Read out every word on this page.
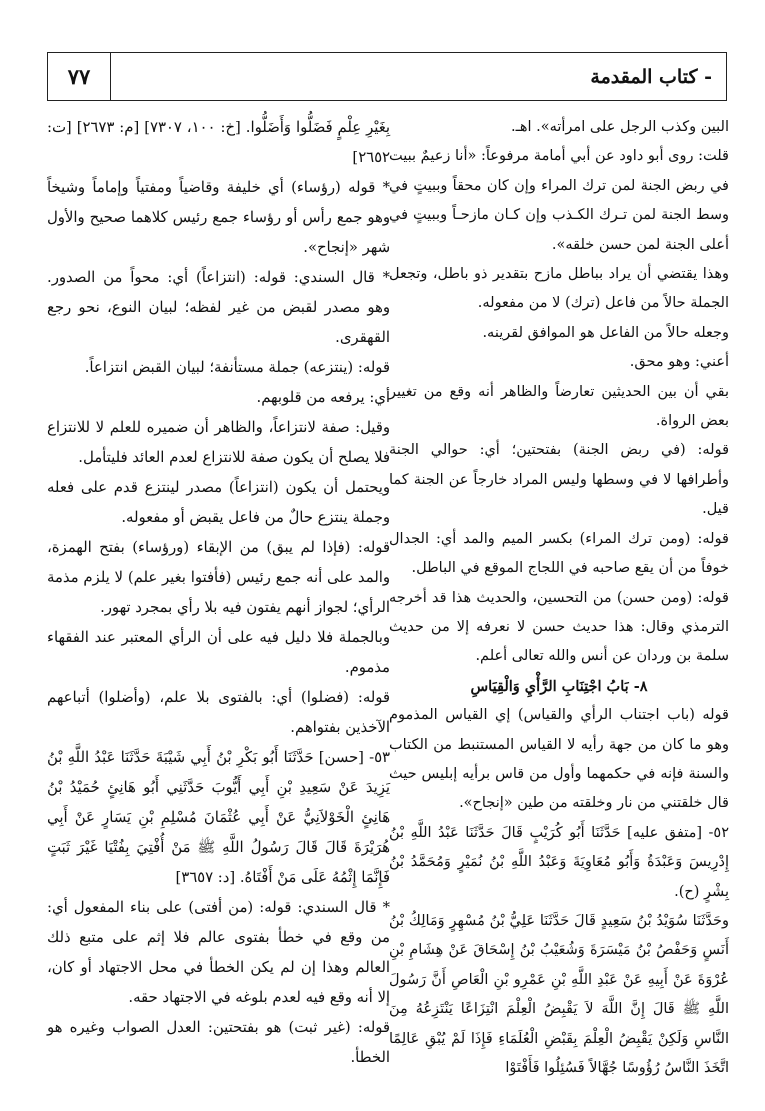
٧٧	- كتاب المقدمة

البين وكذب الرجل على امرأته». اهـ.

قلت: روى أبو داود عن أبي أمامة مرفوعاً: «أنا زعيمٌ ببيت في ربض الجنة لمن ترك المراء وإن كان محقاً وببيتٍ في وسط الجنة لمن تـرك الكـذب وإن كـان مازحـاً وببيتٍ في أعلى الجنة لمن حسن خلقه».

وهذا يقتضي أن يراد بباطل مازح بتقدير ذو باطل، وتجعل الجملة حالاً من فاعل (ترك) لا من مفعوله.

وجعله حالاً من الفاعل هو الموافق لقرينه.

أعني: وهو محق.

بقي أن بين الحديثين تعارضاً والظاهر أنه وقع من تغيير بعض الرواة.

قوله: (في ربض الجنة) بفتحتين؛ أي: حوالي الجنة وأطرافها لا في وسطها وليس المراد خارجاً عن الجنة كما قيل.

قوله: (ومن ترك المراء) بكسر الميم والمد أي: الجدال خوفاً من أن يقع صاحبه في اللجاج الموقع في الباطل.

قوله: (ومن حسن) من التحسين، والحديث هذا قد أخرجه الترمذي وقال: هذا حديث حسن لا نعرفه إلا من حديث سلمة بن وردان عن أنس والله تعالى أعلم.

٨- بَابُ اجْتِنَابِ الرَّأْيِ وَالْقِيَاسِ

قوله (باب اجتناب الرأي والقياس) إي القياس المذموم وهو ما كان من جهة رأيه لا القياس المستنبط من الكتاب والسنة فإنه في حكمهما وأول من قاس برأيه إبليس حيث قال خلقتني من نار وخلقته من طين «إنجاح».

٥٢- [متفق عليه] حَدَّثَنَا أَبُو كُرَيْبٍ قَالَ حَدَّثَنَا عَبْدُ اللَّهِ بْنُ إِدْرِيسَ وَعَبْدَةُ وَأَبُو مُعَاوِيَةَ وَعَبْدُ اللَّهِ بْنُ نُمَيْرٍ وَمُحَمَّدُ بْنُ بِشْرٍ (ح).

وحَدَّثَنَا سُوَيْدُ بْنُ سَعِيدٍ قَالَ حَدَّثَنَا عَلِيُّ بْنُ مُسْهِرٍ وَمَالِكُ بْنُ أَنَسٍ وَحَفْصُ بْنُ مَيْسَرَةَ وَشُعَيْبُ بْنُ إِسْحَاقَ عَنْ هِشَامِ بْنِ عُرْوَةَ عَنْ أَبِيهِ عَنْ عَبْدِ اللَّهِ بْنِ عَمْرِو بْنِ الْعَاصِ أَنَّ رَسُولَ اللَّهِ ﷺ قَالَ إِنَّ اللَّهَ لاَ يَقْبِضُ الْعِلْمَ انْتِزَاعًا يَنْتَزِعُهُ مِنَ النَّاسِ وَلَكِنْ يَقْبِضُ الْعِلْمَ بِقَبْضِ الْعُلَمَاءِ فَإِذَا لَمْ يُبْقِ عَالِمًا اتَّخَذَ النَّاسُ رُؤُوسًا جُهَّالاً فَسُئِلُوا فَأَفْتَوْا

بِغَيْرِ عِلْمٍ فَضَلُّوا وَأَضَلُّوا. [خ: ١٠٠، ٧٣٠٧] [م: ٢٦٧٣] [ت: ٢٦٥٢]

* قوله (رؤساء) أي خليفة وقاضياً ومفتياً وإماماً وشيخاً وهو جمع رأس أو رؤساء جمع رئيس كلاهما صحيح والأول شهر «إنجاح».

* قال السندي: قوله: (انتزاعاً) أي: محواً من الصدور. وهو مصدر لقبض من غير لفظه؛ لبيان النوع، نحو رجع القهقرى.

قوله: (ينتزعه) جملة مستأنفة؛ لبيان القبض انتزاعاً.

أي: يرفعه من قلوبهم.

وقيل: صفة لانتزاعاً، والظاهر أن ضميره للعلم لا للانتزاع فلا يصلح أن يكون صفة للانتزاع لعدم العائد فليتأمل.

ويحتمل أن يكون (انتزاعاً) مصدر لينتزع قدم على فعله وجملة ينتزع حالٌ من فاعل يقبض أو مفعوله.

قوله: (فإذا لم يبق) من الإبقاء (ورؤساء) بفتح الهمزة، والمد على أنه جمع رئيس (فأفتوا بغير علم) لا يلزم مذمة الرأي؛ لجواز أنهم يفتون فيه بلا رأي بمجرد تهور.

وبالجملة فلا دليل فيه على أن الرأي المعتبر عند الفقهاء مذموم.

قوله: (فضلوا) أي: بالفتوى بلا علم، (وأضلوا) أتباعهم الآخذين بفتواهم.

٥٣- [حسن] حَدَّثَنَا أَبُو بَكْرِ بْنُ أَبِي شَيْبَةَ حَدَّثَنَا عَبْدُ اللَّهِ بْنُ يَزِيدَ عَنْ سَعِيدِ بْنِ أَبِي أَيُّوبَ حَدَّثَنِي أَبُو هَانِئٍ حُمَيْدُ بْنُ هَانِئٍ الْخَوْلاَنِيُّ عَنْ أَبِي عُثْمَانَ مُسْلِمِ بْنِ يَسَارٍ عَنْ أَبِي هُرَيْرَةَ قَالَ قَالَ رَسُولُ اللَّهِ ﷺ مَنْ أُفْتِيَ بِفُتْيَا غَيْرَ ثَبَتٍ فَإِنَّمَا إِثْمُهُ عَلَى مَنْ أَفْتَاهُ. [د: ٣٦٥٧]

* قال السندي: قوله: (من أفتى) على بناء المفعول أي: من وقع في خطأ بفتوى عالم فلا إثم على متبع ذلك العالم وهذا إن لم يكن الخطأ في محل الاجتهاد أو كان، إلا أنه وقع فيه لعدم بلوغه في الاجتهاد حقه.

قوله: (غير ثبت) هو بفتحتين: العدل الصواب وغيره هو الخطأ.
